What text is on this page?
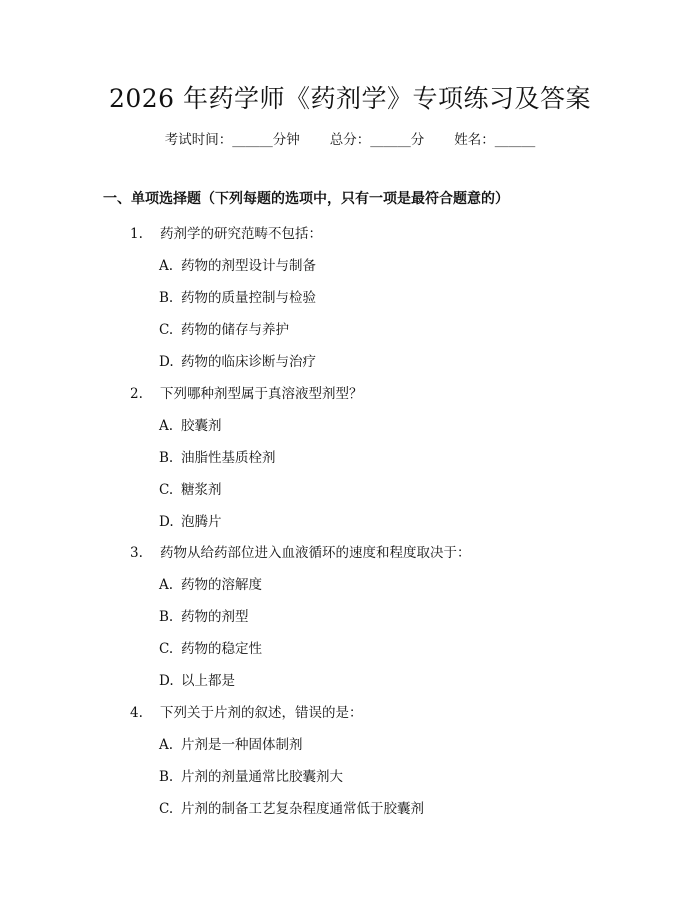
2026 年药学师《药剂学》专项练习及答案
考试时间：______分钟 总分：______分 姓名：______
一、单项选择题（下列每题的选项中，只有一项是最符合题意的）
1. 药剂学的研究范畴不包括：
A. 药物的剂型设计与制备
B. 药物的质量控制与检验
C. 药物的储存与养护
D. 药物的临床诊断与治疗
2. 下列哪种剂型属于真溶液型剂型？
A. 胶囊剂
B. 油脂性基质栓剂
C. 糖浆剂
D. 泡腾片
3. 药物从给药部位进入血液循环的速度和程度取决于：
A. 药物的溶解度
B. 药物的剂型
C. 药物的稳定性
D. 以上都是
4. 下列关于片剂的叙述，错误的是：
A. 片剂是一种固体制剂
B. 片剂的剂量通常比胶囊剂大
C. 片剂的制备工艺复杂程度通常低于胶囊剂
